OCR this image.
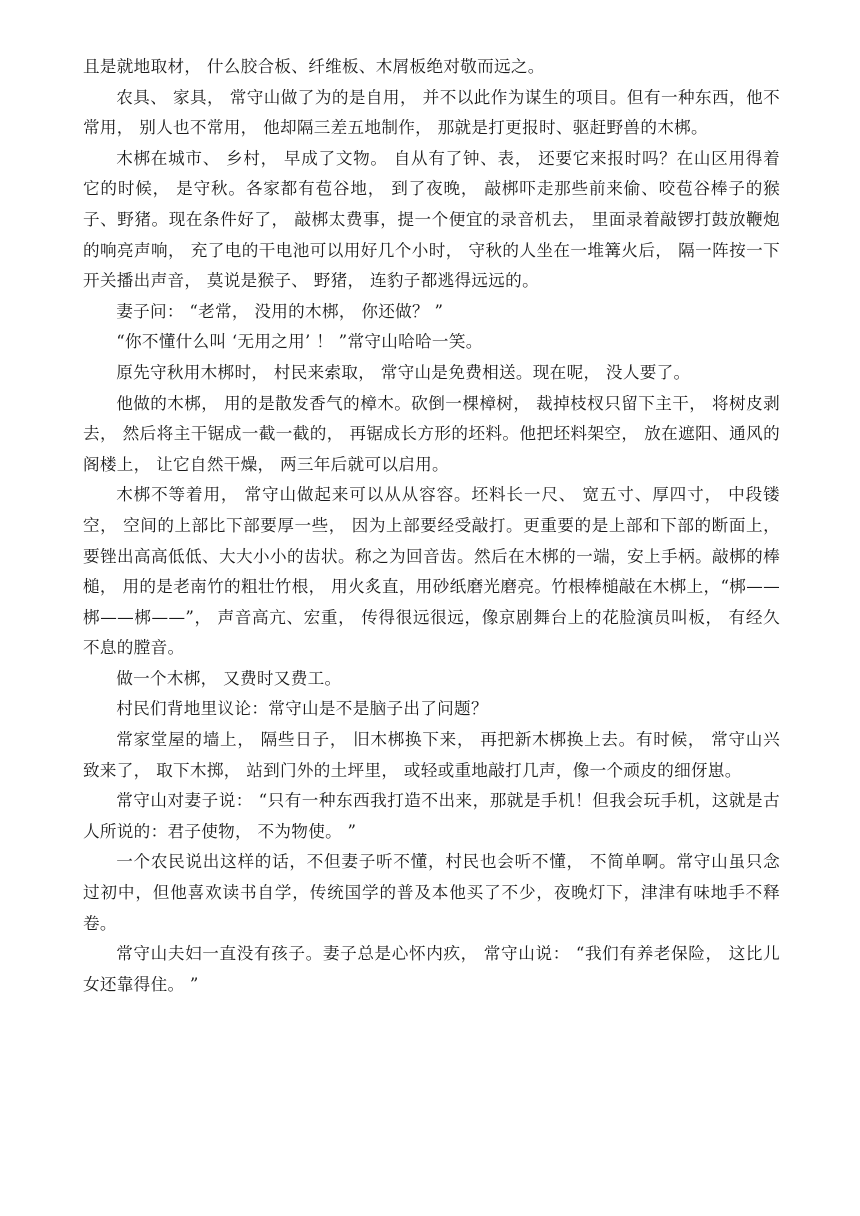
且是就地取材， 什么胶合板、纤维板、木屑板绝对敬而远之。

农具、 家具， 常守山做了为的是自用， 并不以此作为谋生的项目。但有一种东西，他不常用， 别人也不常用， 他却隔三差五地制作， 那就是打更报时、驱赶野兽的木梆。

木梆在城市、 乡村， 早成了文物。 自从有了钟、表， 还要它来报时吗？在山区用得着它的时候， 是守秋。各家都有苞谷地， 到了夜晚， 敲梆吓走那些前来偷、咬苞谷棒子的猴子、野猪。现在条件好了， 敲梆太费事，提一个便宜的录音机去， 里面录着敲锣打鼓放鞭炮的响亮声响， 充了电的干电池可以用好几个小时， 守秋的人坐在一堆篝火后， 隔一阵按一下开关播出声音， 莫说是猴子、 野猪， 连豹子都逃得远远的。

妻子问： “老常， 没用的木梆， 你还做？ ”

“你不懂什么叫 ‘无用之用’ ！ ”常守山哈哈一笑。

原先守秋用木梆时， 村民来索取， 常守山是免费相送。现在呢， 没人要了。

他做的木梆， 用的是散发香气的樟木。砍倒一棵樟树， 裁掉枝杈只留下主干， 将树皮剥去， 然后将主干锯成一截一截的， 再锯成长方形的坯料。他把坯料架空， 放在遮阳、通风的阁楼上， 让它自然干燥， 两三年后就可以启用。

木梆不等着用， 常守山做起来可以从从容容。坯料长一尺、 宽五寸、厚四寸， 中段镂空， 空间的上部比下部要厚一些， 因为上部要经受敲打。更重要的是上部和下部的断面上，要锉出高高低低、大大小小的齿状。称之为回音齿。然后在木梆的一端，安上手柄。敲梆的棒槌， 用的是老南竹的粗壮竹根， 用火炙直，用砂纸磨光磨亮。竹根棒槌敲在木梆上，“梆——梆——梆——”， 声音高亢、宏重， 传得很远很远，像京剧舞台上的花脸演员叫板， 有经久不息的膛音。

做一个木梆， 又费时又费工。

村民们背地里议论：常守山是不是脑子出了问题？

常家堂屋的墙上， 隔些日子， 旧木梆换下来， 再把新木梆换上去。有时候， 常守山兴致来了， 取下木掷， 站到门外的土坪里， 或轻或重地敲打几声，像一个顽皮的细伢崽。

常守山对妻子说： “只有一种东西我打造不出来，那就是手机！但我会玩手机，这就是古人所说的：君子使物， 不为物使。 ”

一个农民说出这样的话，不但妻子听不懂，村民也会听不懂， 不简单啊。常守山虽只念过初中，但他喜欢读书自学，传统国学的普及本他买了不少，夜晚灯下，津津有味地手不释卷。

常守山夫妇一直没有孩子。妻子总是心怀内疚， 常守山说： “我们有养老保险， 这比儿女还靠得住。 ”
